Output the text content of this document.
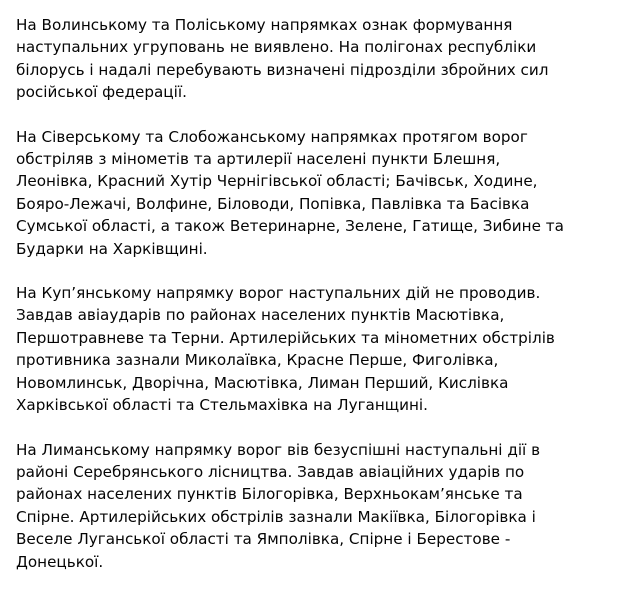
На Волинському та Поліському напрямках ознак формування
наступальних угруповань не виявлено. На полігонах республіки
білорусь і надалі перебувають визначені підрозділи збройних сил
російської федерації.

На Сіверському та Слобожанському напрямках протягом ворог
обстріляв з мінометів та артилерії населені пункти Блешня,
Леонівка, Красний Хутір Чернігівської області; Бачівськ, Ходине,
Бояро-Лежачі, Волфине, Біловоди, Попівка, Павлівка та Басівка
Сумської області, а також Ветеринарне, Зелене, Гатище, Зибине та
Бударки на Харківщині.

На Куп’янському напрямку ворог наступальних дій не проводив.
Завдав авіаударів по районах населених пунктів Масютівка,
Першотравневе та Терни. Артилерійських та мінометних обстрілів
противника зазнали Миколаївка, Красне Перше, Фиголівка,
Новомлинськ, Дворічна, Масютівка, Лиман Перший, Кислівка
Харківської області та Стельмахівка на Луганщині.

На Лиманському напрямку ворог вів безуспішні наступальні дії в
районі Серебрянського лісництва. Завдав авіаційних ударів по
районах населених пунктів Білогорівка, Верхньокам’янське та
Спірне. Артилерійських обстрілів зазнали Макіївка, Білогорівка і
Веселе Луганської області та Ямполівка, Спірне і Берестове -
Донецької.
